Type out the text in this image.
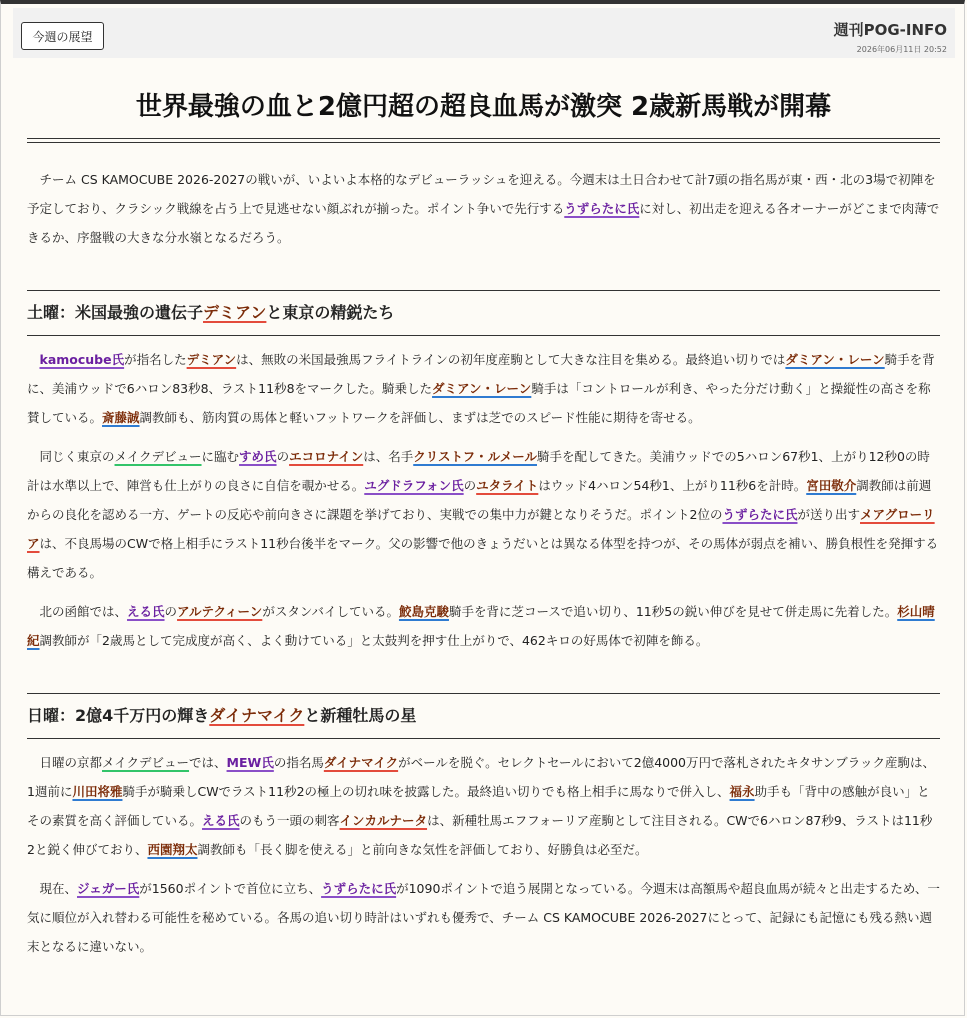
今週の展望	週刊POG-INFO
2026年06月11日 20:52
世界最強の血と2億円超の超良血馬が激突 2歳新馬戦が開幕

チーム CS KAMOCUBE 2026-2027の戦いが、いよいよ本格的なデビューラッシュを迎える。今週末は土日合わせて計7頭の指名馬が東・西・北の3場で初陣を予定しており、クラシック戦線を占う上で見逃せない顔ぶれが揃った。ポイント争いで先行するうずらたに氏に対し、初出走を迎える各オーナーがどこまで肉薄できるか、序盤戦の大きな分水嶺となるだろう。

土曜：米国最強の遺伝子デミアンと東京の精鋭たち

kamocube氏が指名したデミアンは、無敗の米国最強馬フライトラインの初年度産駒として大きな注目を集める。最終追い切りではダミアン・レーン騎手を背に、美浦ウッドで6ハロン83秒8、ラスト11秒8をマークした。騎乗したダミアン・レーン騎手は「コントロールが利き、やった分だけ動く」と操縦性の高さを称賛している。斎藤誠調教師も、筋肉質の馬体と軽いフットワークを評価し、まずは芝でのスピード性能に期待を寄せる。

同じく東京のメイクデビューに臨むすめ氏のエコロナインは、名手クリストフ・ルメール騎手を配してきた。美浦ウッドでの5ハロン67秒1、上がり12秒0の時計は水準以上で、陣営も仕上がりの良さに自信を覗かせる。ユグドラフォン氏のユタライトはウッド4ハロン54秒1、上がり11秒6を計時。宮田敬介調教師は前週からの良化を認める一方、ゲートの反応や前向きさに課題を挙げており、実戦での集中力が鍵となりそうだ。ポイント2位のうずらたに氏が送り出すメアグローリアは、不良馬場のCWで格上相手にラスト11秒台後半をマーク。父の影響で他のきょうだいとは異なる体型を持つが、その馬体が弱点を補い、勝負根性を発揮する構えである。

北の函館では、える氏のアルテクィーンがスタンバイしている。鮫島克駿騎手を背に芝コースで追い切り、11秒5の鋭い伸びを見せて併走馬に先着した。杉山晴紀調教師が「2歳馬として完成度が高く、よく動けている」と太鼓判を押す仕上がりで、462キロの好馬体で初陣を飾る。

日曜：2億4千万円の輝きダイナマイクと新種牡馬の星

日曜の京都メイクデビューでは、MEW氏の指名馬ダイナマイクがベールを脱ぐ。セレクトセールにおいて2億4000万円で落札されたキタサンブラック産駒は、1週前に川田将雅騎手が騎乗しCWでラスト11秒2の極上の切れ味を披露した。最終追い切りでも格上相手に馬なりで併入し、福永助手も「背中の感触が良い」とその素質を高く評価している。える氏のもう一頭の刺客インカルナータは、新種牡馬エフフォーリア産駒として注目される。CWで6ハロン87秒9、ラストは11秒2と鋭く伸びており、西園翔太調教師も「長く脚を使える」と前向きな気性を評価しており、好勝負は必至だ。

現在、ジェガー氏が1560ポイントで首位に立ち、うずらたに氏が1090ポイントで追う展開となっている。今週末は高額馬や超良血馬が続々と出走するため、一気に順位が入れ替わる可能性を秘めている。各馬の追い切り時計はいずれも優秀で、チーム CS KAMOCUBE 2026-2027にとって、記録にも記憶にも残る熱い週末となるに違いない。
